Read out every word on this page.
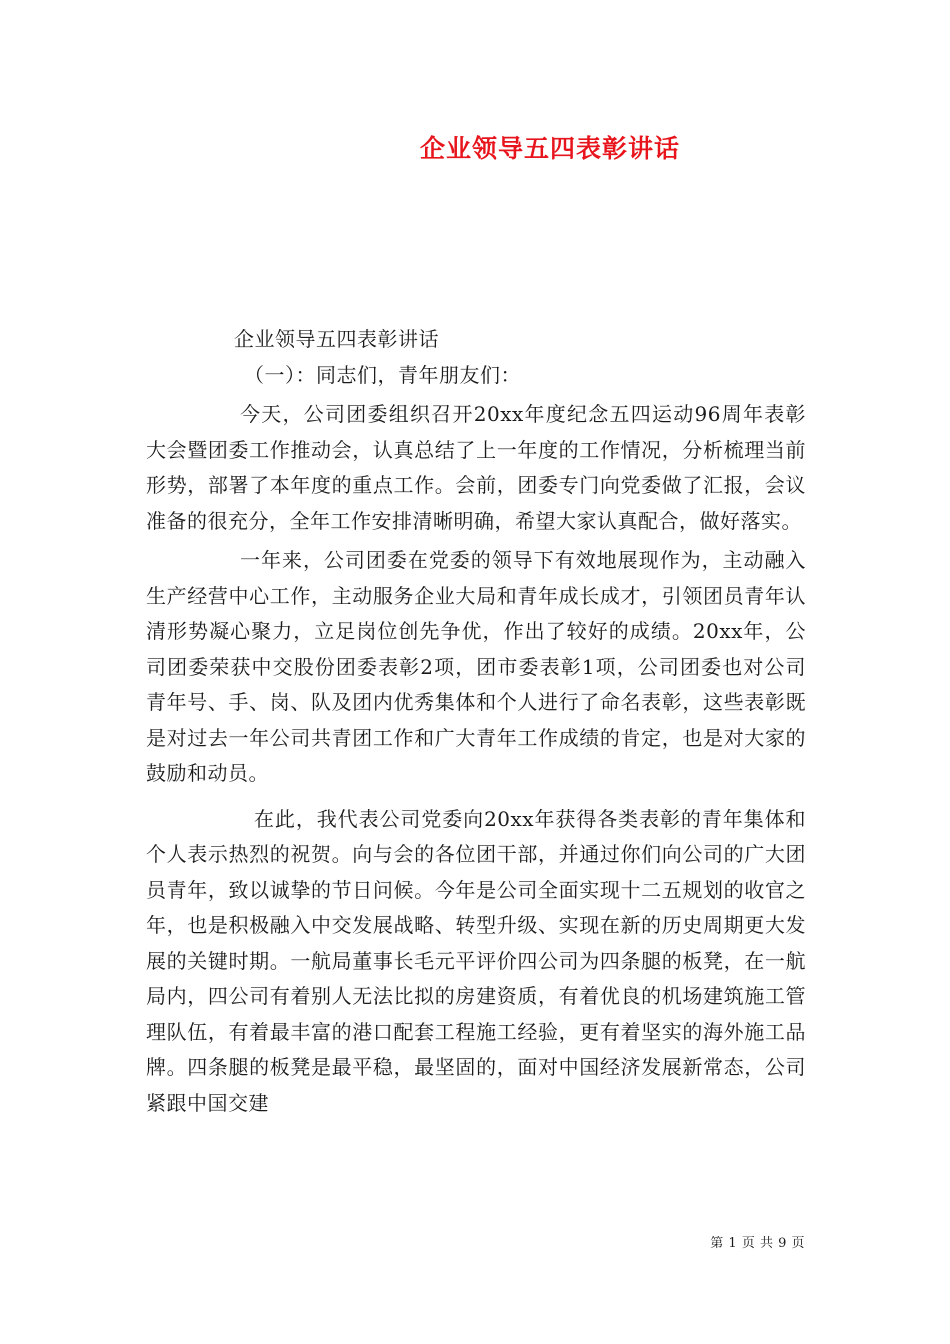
企业领导五四表彰讲话

企业领导五四表彰讲话

（一）：同志们，青年朋友们：

今天，公司团委组织召开20xx年度纪念五四运动96周年表彰大会暨团委工作推动会，认真总结了上一年度的工作情况，分析梳理当前形势，部署了本年度的重点工作。会前，团委专门向党委做了汇报，会议准备的很充分，全年工作安排清晰明确，希望大家认真配合，做好落实。

一年来，公司团委在党委的领导下有效地展现作为，主动融入生产经营中心工作，主动服务企业大局和青年成长成才，引领团员青年认清形势凝心聚力，立足岗位创先争优，作出了较好的成绩。20xx年，公司团委荣获中交股份团委表彰2项，团市委表彰1项，公司团委也对公司青年号、手、岗、队及团内优秀集体和个人进行了命名表彰，这些表彰既是对过去一年公司共青团工作和广大青年工作成绩的肯定，也是对大家的鼓励和动员。

在此，我代表公司党委向20xx年获得各类表彰的青年集体和个人表示热烈的祝贺。向与会的各位团干部，并通过你们向公司的广大团员青年，致以诚挚的节日问候。今年是公司全面实现十二五规划的收官之年，也是积极融入中交发展战略、转型升级、实现在新的历史周期更大发展的关键时期。一航局董事长毛元平评价四公司为四条腿的板凳，在一航局内，四公司有着别人无法比拟的房建资质，有着优良的机场建筑施工管理队伍，有着最丰富的港口配套工程施工经验，更有着坚实的海外施工品牌。四条腿的板凳是最平稳，最坚固的，面对中国经济发展新常态，公司紧跟中国交建

第 1 页 共 9 页
